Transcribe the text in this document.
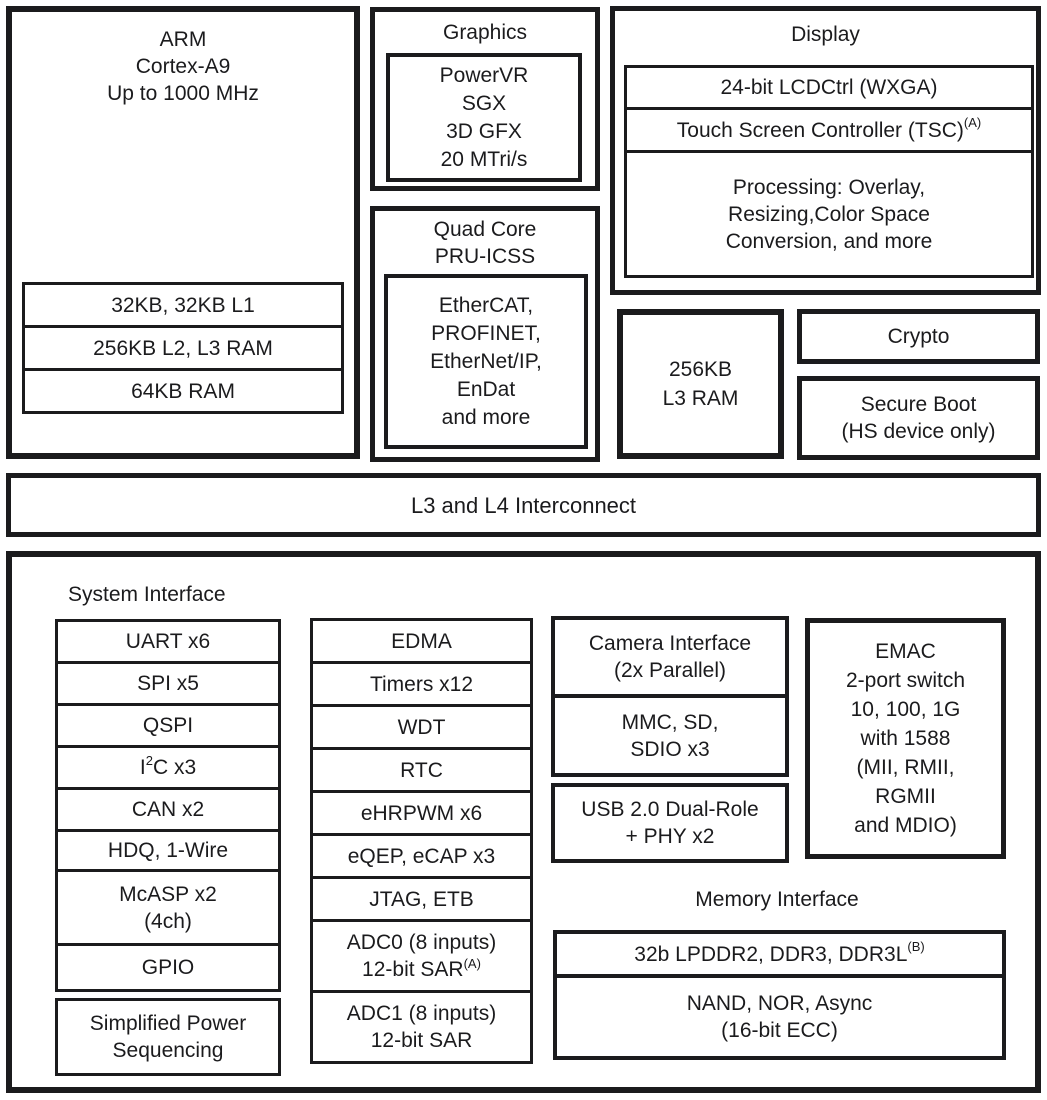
ARM
Cortex-A9
Up to 1000 MHz
32KB, 32KB L1
256KB L2, L3 RAM
64KB RAM
Graphics
PowerVR
SGX
3D GFX
20 MTri/s
Quad Core
PRU-ICSS
EtherCAT,
PROFINET,
EtherNet/IP,
EnDat
and more
Display
24-bit LCDCtrl (WXGA)
Touch Screen Controller (TSC) (A)
Processing: Overlay,
Resizing,Color Space
Conversion, and more
256KB
L3 RAM
Crypto
Secure Boot
(HS device only)
L3 and L4 Interconnect
System Interface
UART x6
SPI x5
QSPI
I 2 C x3
CAN x2
HDQ, 1-Wire
McASP x2
(4ch)
GPIO
Simplified Power
Sequencing
EDMA
Timers x12
WDT
RTC
eHRPWM x6
eQEP, eCAP x3
JTAG, ETB
ADC0 (8 inputs)
12-bit $SAR^{(A)}$
ADC1 (8 inputs)
12-bit SAR
Camera Interface
(2x Parallel)
MMC, SD,
SDIO x3
USB 2.0 Dual-Role
+ PHY x2
EMAC
2-port switch
10, 100, 1G
with 1588
(MII, RMII,
RGMII
and MDIO)
Memory Interface
32b LPDDR2, DDR3, DDR3L (B)
NAND, NOR, Async
(16-bit ECC)
